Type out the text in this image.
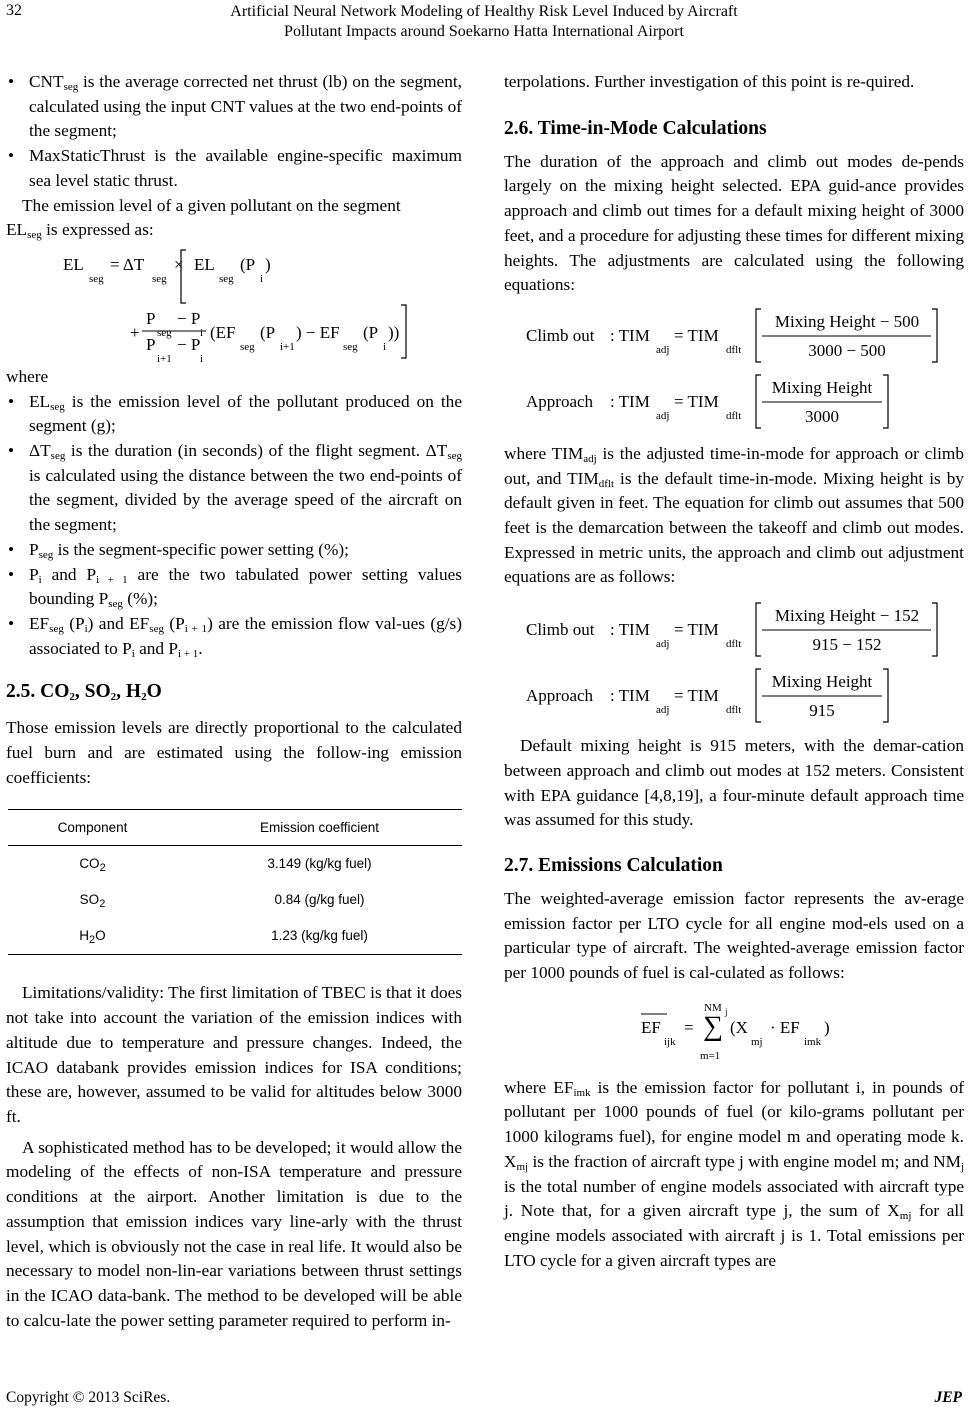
32	Artificial Neural Network Modeling of Healthy Risk Level Induced by Aircraft
Pollutant Impacts around Soekarno Hatta International Airport
• $CNT_{seg}$ is the average corrected net thrust (lb) on the segment, calculated using the input CNT values at the two end-points of the segment;
• MaxStaticThrust is the available engine-specific maximum sea level static thrust.

The emission level of a given pollutant on the segment
$EL_{seg}$ is expressed as:

EL
seg
= ΔT
seg
× EL
seg
(P
i
)
+
P
seg
− P
i
P
i+1
− P
i
(EF
seg
(P
i+1
) − EF
seg
(P
i
))

where

• $EL_{seg}$ is the emission level of the pollutant produced on the segment (g);
• $\Delta T_{seg}$ is the duration (in seconds) of the flight segment. $\Delta T_{seg}$ is calculated using the distance between the two end-points of the segment, divided by the average speed of the aircraft on the segment;
• $P_{seg}$ is the segment-specific power setting (%);
• $P_i$ and $P_{i + 1}$ are the two tabulated power setting values bounding $P_{seg}$ (%);
• $EF_{seg}$ $(P_i)$ and $EF_{seg}$ $(P_{i + 1})$ are the emission flow val-ues (g/s) associated to $P_i$ and $P_{i + 1}$.
2.5. $CO_2$, $SO_2$, $H_2O$

Those emission levels are directly proportional to the calculated fuel burn and are estimated using the follow-ing emission coefficients:

Component	Emission coefficient
$CO_2$	3.149 (kg/kg fuel)
$SO_2$	0.84 (g/kg fuel)
$H_2O$	1.23 (kg/kg fuel)

Limitations/validity: The first limitation of TBEC is that it does not take into account the variation of the emission indices with altitude due to temperature and pressure changes. Indeed, the ICAO databank provides emission indices for ISA conditions; these are, however, assumed to be valid for altitudes below 3000 ft.

A sophisticated method has to be developed; it would allow the modeling of the effects of non-ISA temperature and pressure conditions at the airport. Another limitation is due to the assumption that emission indices vary line-arly with the thrust level, which is obviously not the case in real life. It would also be necessary to model non-lin-ear variations between thrust settings in the ICAO data-bank. The method to be developed will be able to calcu-late the power setting parameter required to perform in-

terpolations. Further investigation of this point is re-quired.

2.6. Time-in-Mode Calculations

The duration of the approach and climb out modes de-pends largely on the mixing height selected. EPA guid-ance provides approach and climb out times for a default mixing height of 3000 feet, and a procedure for adjusting these times for different mixing heights. The adjustments are calculated using the following equations:

Climb out : TIM
adj
= TIM
dflt
Mixing Height − 500
3000 − 500
Approach : TIM
adj
= TIM
dflt
Mixing Height
3000

where $TIM_{adj}$ is the adjusted time-in-mode for approach or climb out, and $TIM_{dflt}$ is the default time-in-mode. Mixing height is by default given in feet. The equation for climb out assumes that 500 feet is the demarcation between the takeoff and climb out modes. Expressed in metric units, the approach and climb out adjustment equations are as follows:

Climb out : TIM
adj
= TIM
dflt
Mixing Height − 152
915 − 152
Approach : TIM
adj
= TIM
dflt
Mixing Height
915

Default mixing height is 915 meters, with the demar-cation between approach and climb out modes at 152 meters. Consistent with EPA guidance [4,8,19], a four-minute default approach time was assumed for this study.

2.7. Emissions Calculation

The weighted-average emission factor represents the av-erage emission factor per LTO cycle for all engine mod-els used on a particular type of aircraft. The weighted-average emission factor per 1000 pounds of fuel is cal-culated as follows:

NM j
EF
ijk
= ∑
m=1
(X
mj
· EF
imk
)

where $EF_{imk}$ is the emission factor for pollutant i, in pounds of pollutant per 1000 pounds of fuel (or kilo-grams pollutant per 1000 kilograms fuel), for engine model m and operating mode k. $X_{mj}$ is the fraction of aircraft type j with engine model m; and $NM_j$ is the total number of engine models associated with aircraft type j. Note that, for a given aircraft type j, the sum of $X_{mj}$ for all engine models associated with aircraft j is 1. Total emissions per LTO cycle for a given aircraft types are

Copyright © 2013 SciRes.	JEP
